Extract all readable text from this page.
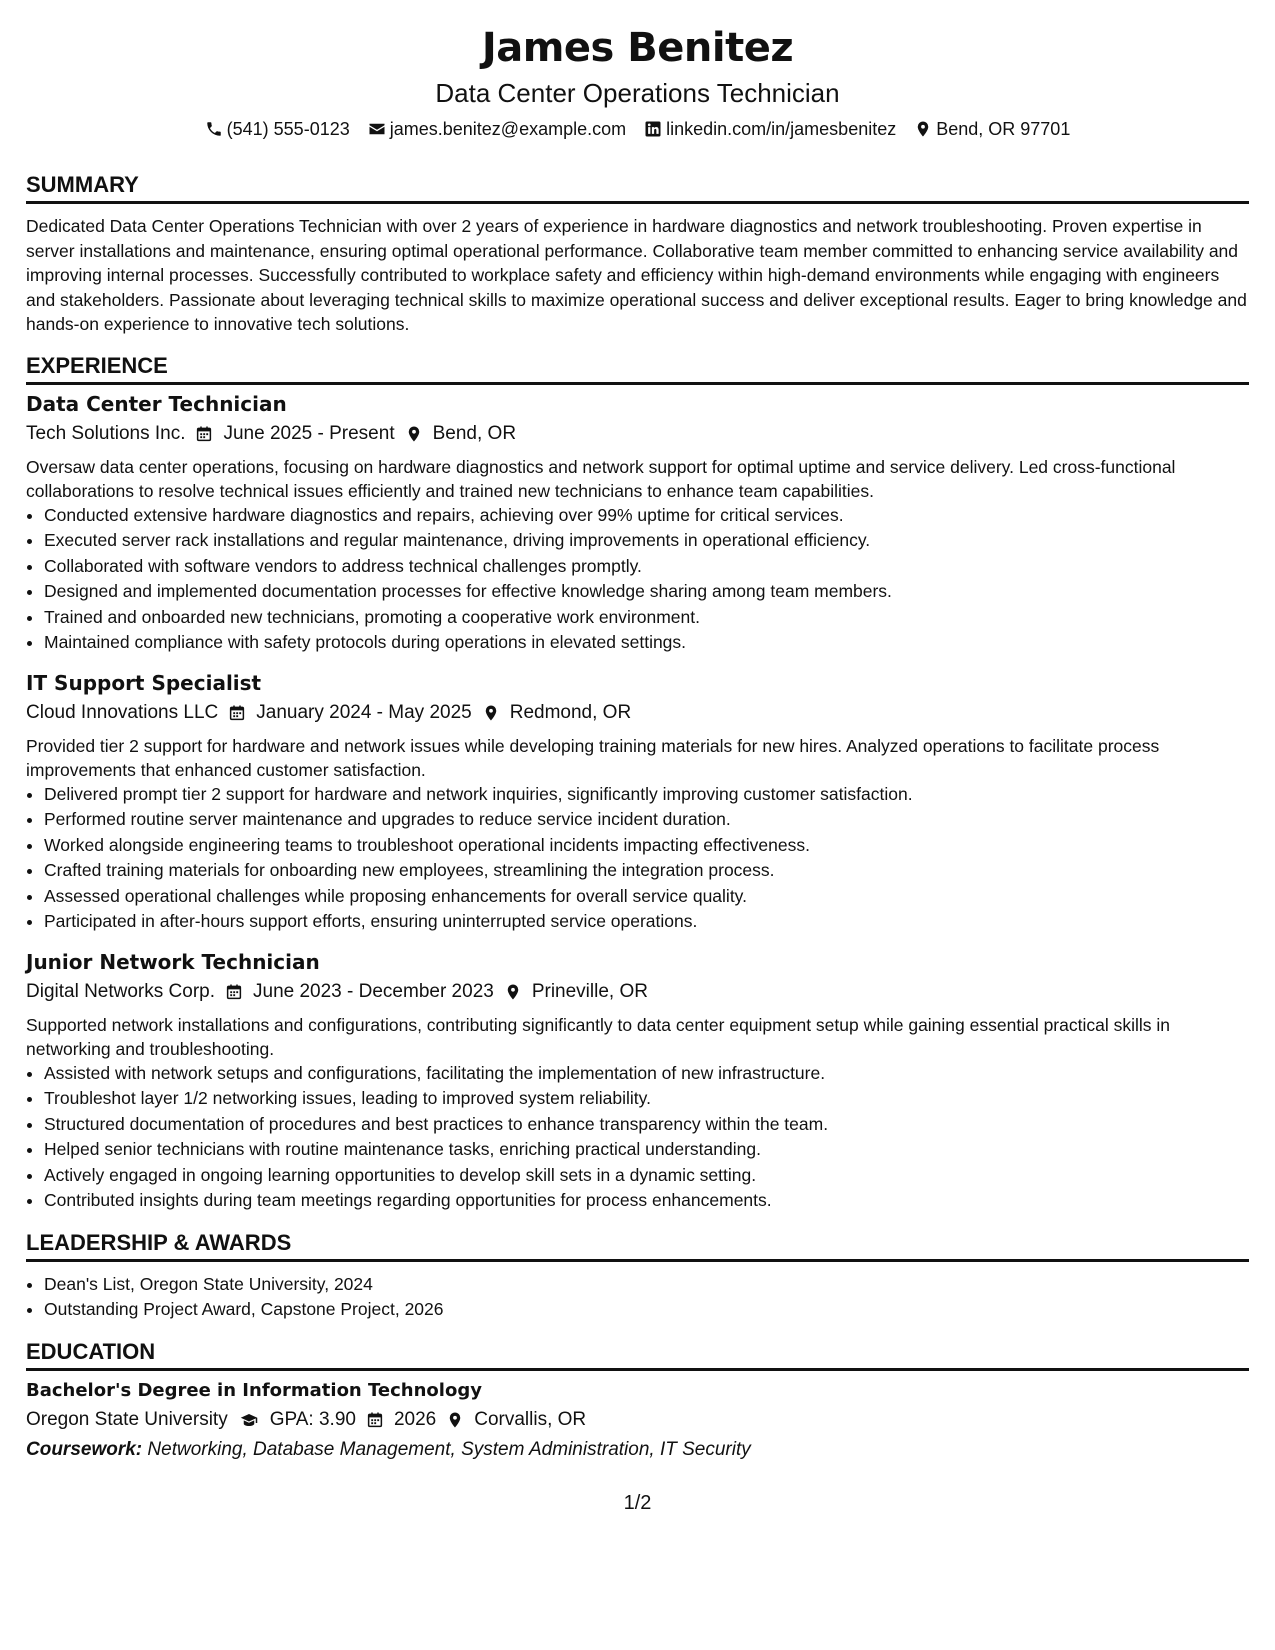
James Benitez

Data Center Operations Technician

(541) 555-0123 james.benitez@example.com linkedin.com/in/jamesbenitez Bend, OR 97701
SUMMARY

Dedicated Data Center Operations Technician with over 2 years of experience in hardware diagnostics and network troubleshooting. Proven expertise in server installations and maintenance, ensuring optimal operational performance. Collaborative team member committed to enhancing service availability and improving internal processes. Successfully contributed to workplace safety and efficiency within high-demand environments while engaging with engineers and stakeholders. Passionate about leveraging technical skills to maximize operational success and deliver exceptional results. Eager to bring knowledge and hands-on experience to innovative tech solutions.

EXPERIENCE
Data Center Technician
Tech Solutions Inc. June 2025 - Present Bend, OR

Oversaw data center operations, focusing on hardware diagnostics and network support for optimal uptime and service delivery. Led cross-functional collaborations to resolve technical issues efficiently and trained new technicians to enhance team capabilities.

• Conducted extensive hardware diagnostics and repairs, achieving over 99% uptime for critical services.
• Executed server rack installations and regular maintenance, driving improvements in operational efficiency.
• Collaborated with software vendors to address technical challenges promptly.
• Designed and implemented documentation processes for effective knowledge sharing among team members.
• Trained and onboarded new technicians, promoting a cooperative work environment.
• Maintained compliance with safety protocols during operations in elevated settings.
IT Support Specialist
Cloud Innovations LLC January 2024 - May 2025 Redmond, OR

Provided tier 2 support for hardware and network issues while developing training materials for new hires. Analyzed operations to facilitate process improvements that enhanced customer satisfaction.

• Delivered prompt tier 2 support for hardware and network inquiries, significantly improving customer satisfaction.
• Performed routine server maintenance and upgrades to reduce service incident duration.
• Worked alongside engineering teams to troubleshoot operational incidents impacting effectiveness.
• Crafted training materials for onboarding new employees, streamlining the integration process.
• Assessed operational challenges while proposing enhancements for overall service quality.
• Participated in after-hours support efforts, ensuring uninterrupted service operations.
Junior Network Technician
Digital Networks Corp. June 2023 - December 2023 Prineville, OR

Supported network installations and configurations, contributing significantly to data center equipment setup while gaining essential practical skills in networking and troubleshooting.

• Assisted with network setups and configurations, facilitating the implementation of new infrastructure.
• Troubleshot layer 1/2 networking issues, leading to improved system reliability.
• Structured documentation of procedures and best practices to enhance transparency within the team.
• Helped senior technicians with routine maintenance tasks, enriching practical understanding.
• Actively engaged in ongoing learning opportunities to develop skill sets in a dynamic setting.
• Contributed insights during team meetings regarding opportunities for process enhancements.
LEADERSHIP & AWARDS
• Dean's List, Oregon State University, 2024
• Outstanding Project Award, Capstone Project, 2026
EDUCATION
Bachelor's Degree in Information Technology
Oregon State University GPA: 3.90 2026 Corvallis, OR
Coursework: Networking, Database Management, System Administration, IT Security
1/2
